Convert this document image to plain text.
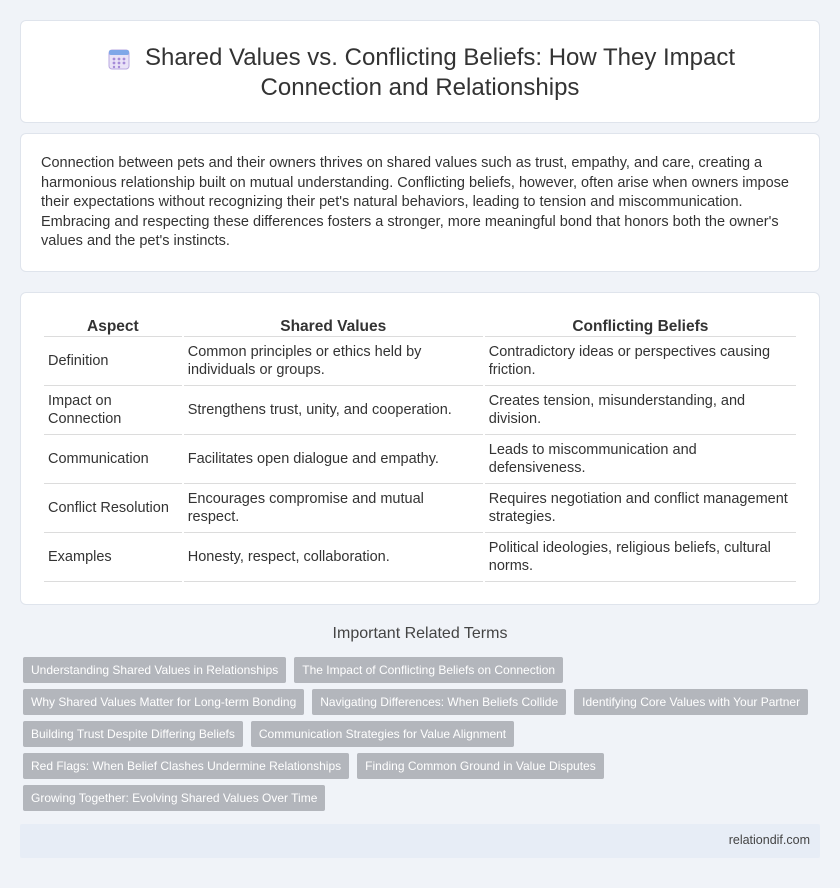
Shared Values vs. Conflicting Beliefs: How They Impact
Connection and Relationships

Connection between pets and their owners thrives on shared values such as trust, empathy, and care, creating a harmonious relationship built on mutual understanding. Conflicting beliefs, however, often arise when owners impose their expectations without recognizing their pet's natural behaviors, leading to tension and miscommunication. Embracing and respecting these differences fosters a stronger, more meaningful bond that honors both the owner's values and the pet's instincts.

Aspect	Shared Values	Conflicting Beliefs
Definition	Common principles or ethics held by individuals or groups.	Contradictory ideas or perspectives causing friction.
Impact on Connection	Strengthens trust, unity, and cooperation.	Creates tension, misunderstanding, and division.
Communication	Facilitates open dialogue and empathy.	Leads to miscommunication and defensiveness.
Conflict Resolution	Encourages compromise and mutual respect.	Requires negotiation and conflict management strategies.
Examples	Honesty, respect, collaboration.	Political ideologies, religious beliefs, cultural norms.
Important Related Terms
Understanding Shared Values in Relationships	The Impact of Conflicting Beliefs on Connection
Why Shared Values Matter for Long-term Bonding	Navigating Differences: When Beliefs Collide	Identifying Core Values with Your Partner
Building Trust Despite Differing Beliefs	Communication Strategies for Value Alignment
Red Flags: When Belief Clashes Undermine Relationships	Finding Common Ground in Value Disputes
Growing Together: Evolving Shared Values Over Time
relationdif.com
